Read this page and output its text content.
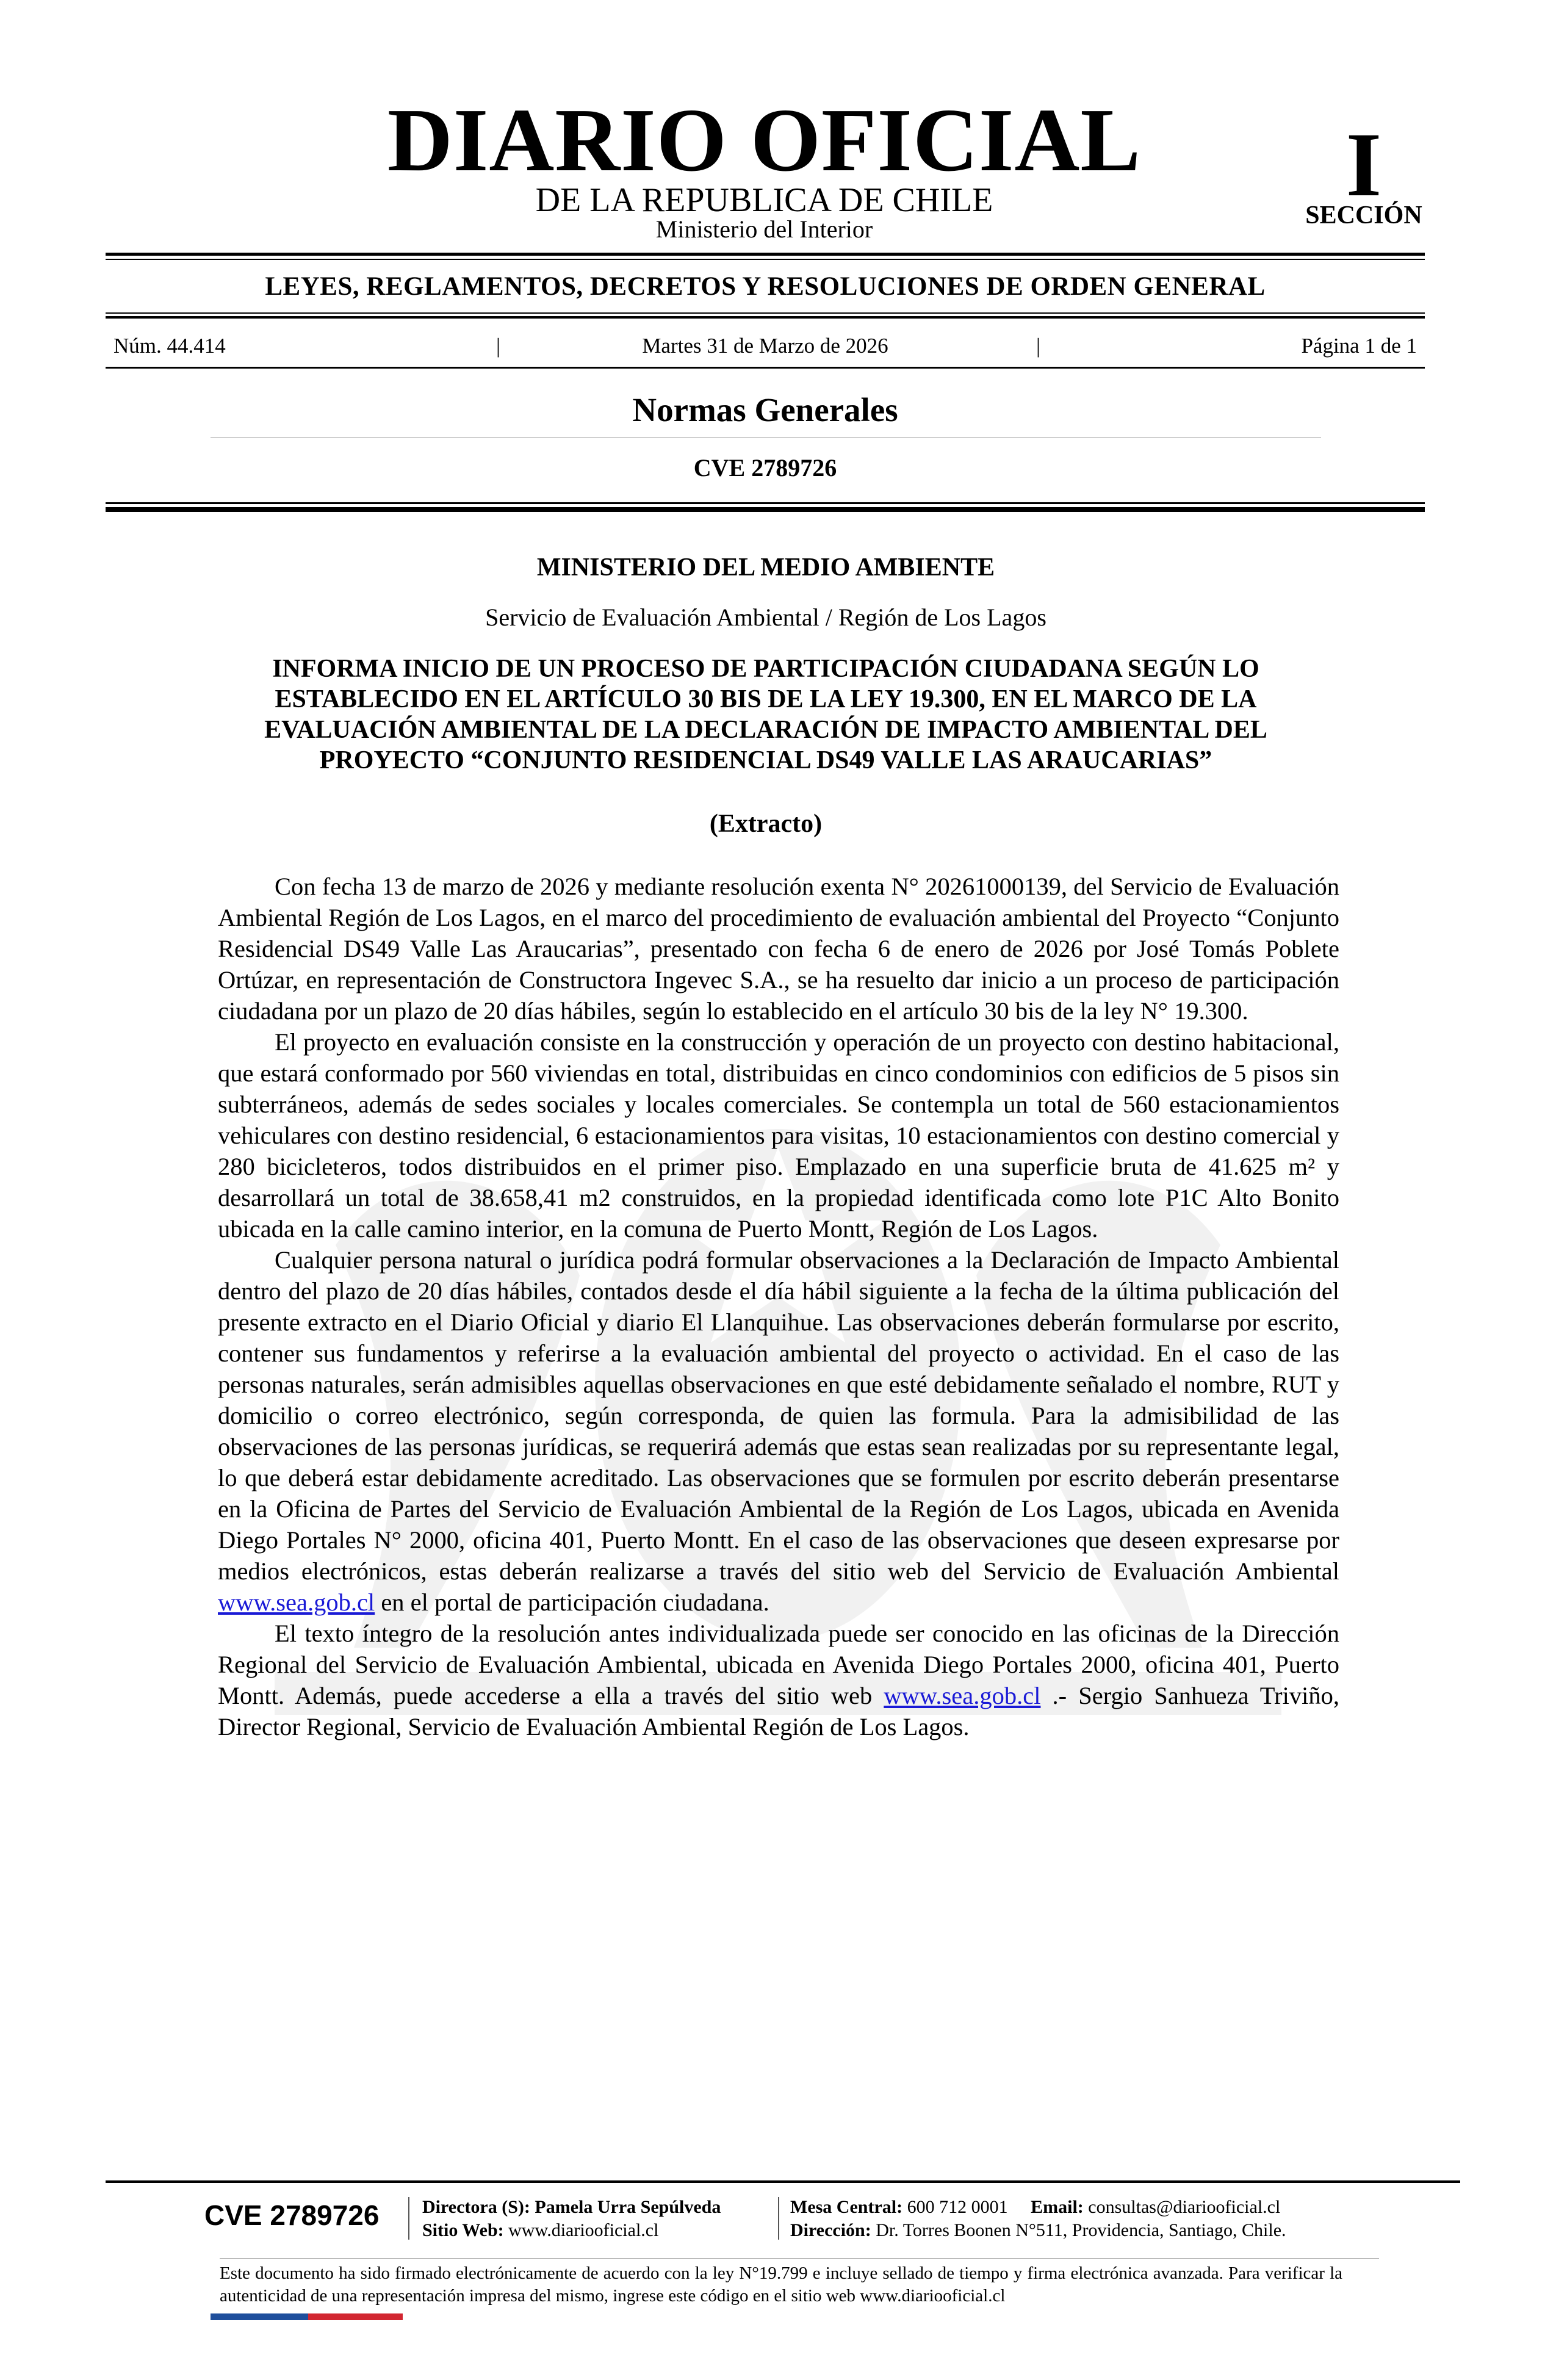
DIARIO OFICIAL
DE LA REPUBLICA DE CHILE
Ministerio del Interior
I
SECCIÓN
LEYES, REGLAMENTOS, DECRETOS Y RESOLUCIONES DE ORDEN GENERAL
Núm. 44.414	|	Martes 31 de Marzo de 2026	|	Página 1 de 1
Normas Generales
CVE 2789726
MINISTERIO DEL MEDIO AMBIENTE
Servicio de Evaluación Ambiental / Región de Los Lagos
INFORMA INICIO DE UN PROCESO DE PARTICIPACIÓN CIUDADANA SEGÚN LO ESTABLECIDO EN EL ARTÍCULO 30 BIS DE LA LEY 19.300, EN EL MARCO DE LA EVALUACIÓN AMBIENTAL DE LA DECLARACIÓN DE IMPACTO AMBIENTAL DEL PROYECTO “CONJUNTO RESIDENCIAL DS49 VALLE LAS ARAUCARIAS”
(Extracto)

Con fecha 13 de marzo de 2026 y mediante resolución exenta N° 20261000139, del Servicio de Evaluación Ambiental Región de Los Lagos, en el marco del procedimiento de evaluación ambiental del Proyecto “Conjunto Residencial DS49 Valle Las Araucarias”, presentado con fecha 6 de enero de 2026 por José Tomás Poblete Ortúzar, en representación de Constructora Ingevec S.A., se ha resuelto dar inicio a un proceso de participación ciudadana por un plazo de 20 días hábiles, según lo establecido en el artículo 30 bis de la ley N° 19.300.

El proyecto en evaluación consiste en la construcción y operación de un proyecto con destino habitacional, que estará conformado por 560 viviendas en total, distribuidas en cinco condominios con edificios de 5 pisos sin subterráneos, además de sedes sociales y locales comerciales. Se contempla un total de 560 estacionamientos vehiculares con destino residencial, 6 estacionamientos para visitas, 10 estacionamientos con destino comercial y 280 bicicleteros, todos distribuidos en el primer piso. Emplazado en una superficie bruta de 41.625 m² y desarrollará un total de 38.658,41 m2 construidos, en la propiedad identificada como lote P1C Alto Bonito ubicada en la calle camino interior, en la comuna de Puerto Montt, Región de Los Lagos.

Cualquier persona natural o jurídica podrá formular observaciones a la Declaración de Impacto Ambiental dentro del plazo de 20 días hábiles, contados desde el día hábil siguiente a la fecha de la última publicación del presente extracto en el Diario Oficial y diario El Llanquihue. Las observaciones deberán formularse por escrito, contener sus fundamentos y referirse a la evaluación ambiental del proyecto o actividad. En el caso de las personas naturales, serán admisibles aquellas observaciones en que esté debidamente señalado el nombre, RUT y domicilio o correo electrónico, según corresponda, de quien las formula. Para la admisibilidad de las observaciones de las personas jurídicas, se requerirá además que estas sean realizadas por su representante legal, lo que deberá estar debidamente acreditado. Las observaciones que se formulen por escrito deberán presentarse en la Oficina de Partes del Servicio de Evaluación Ambiental de la Región de Los Lagos, ubicada en Avenida Diego Portales N° 2000, oficina 401, Puerto Montt. En el caso de las observaciones que deseen expresarse por medios electrónicos, estas deberán realizarse a través del sitio web del Servicio de Evaluación Ambiental www.sea.gob.cl en el portal de participación ciudadana.

El texto íntegro de la resolución antes individualizada puede ser conocido en las oficinas de la Dirección Regional del Servicio de Evaluación Ambiental, ubicada en Avenida Diego Portales 2000, oficina 401, Puerto Montt. Además, puede accederse a ella a través del sitio web www.sea.gob.cl .- Sergio Sanhueza Triviño, Director Regional, Servicio de Evaluación Ambiental Región de Los Lagos.

CVE 2789726 Directora (S): Pamela Urra Sepúlveda
Sitio Web: www.diariooficial.cl
Mesa Central: 600 712 0001 Email: consultas@diariooficial.cl
Dirección: Dr. Torres Boonen N°511, Providencia, Santiago, Chile.
Este documento ha sido firmado electrónicamente de acuerdo con la ley N°19.799 e incluye sellado de tiempo y firma electrónica avanzada. Para verificar la autenticidad de una representación impresa del mismo, ingrese este código en el sitio web www.diariooficial.cl
